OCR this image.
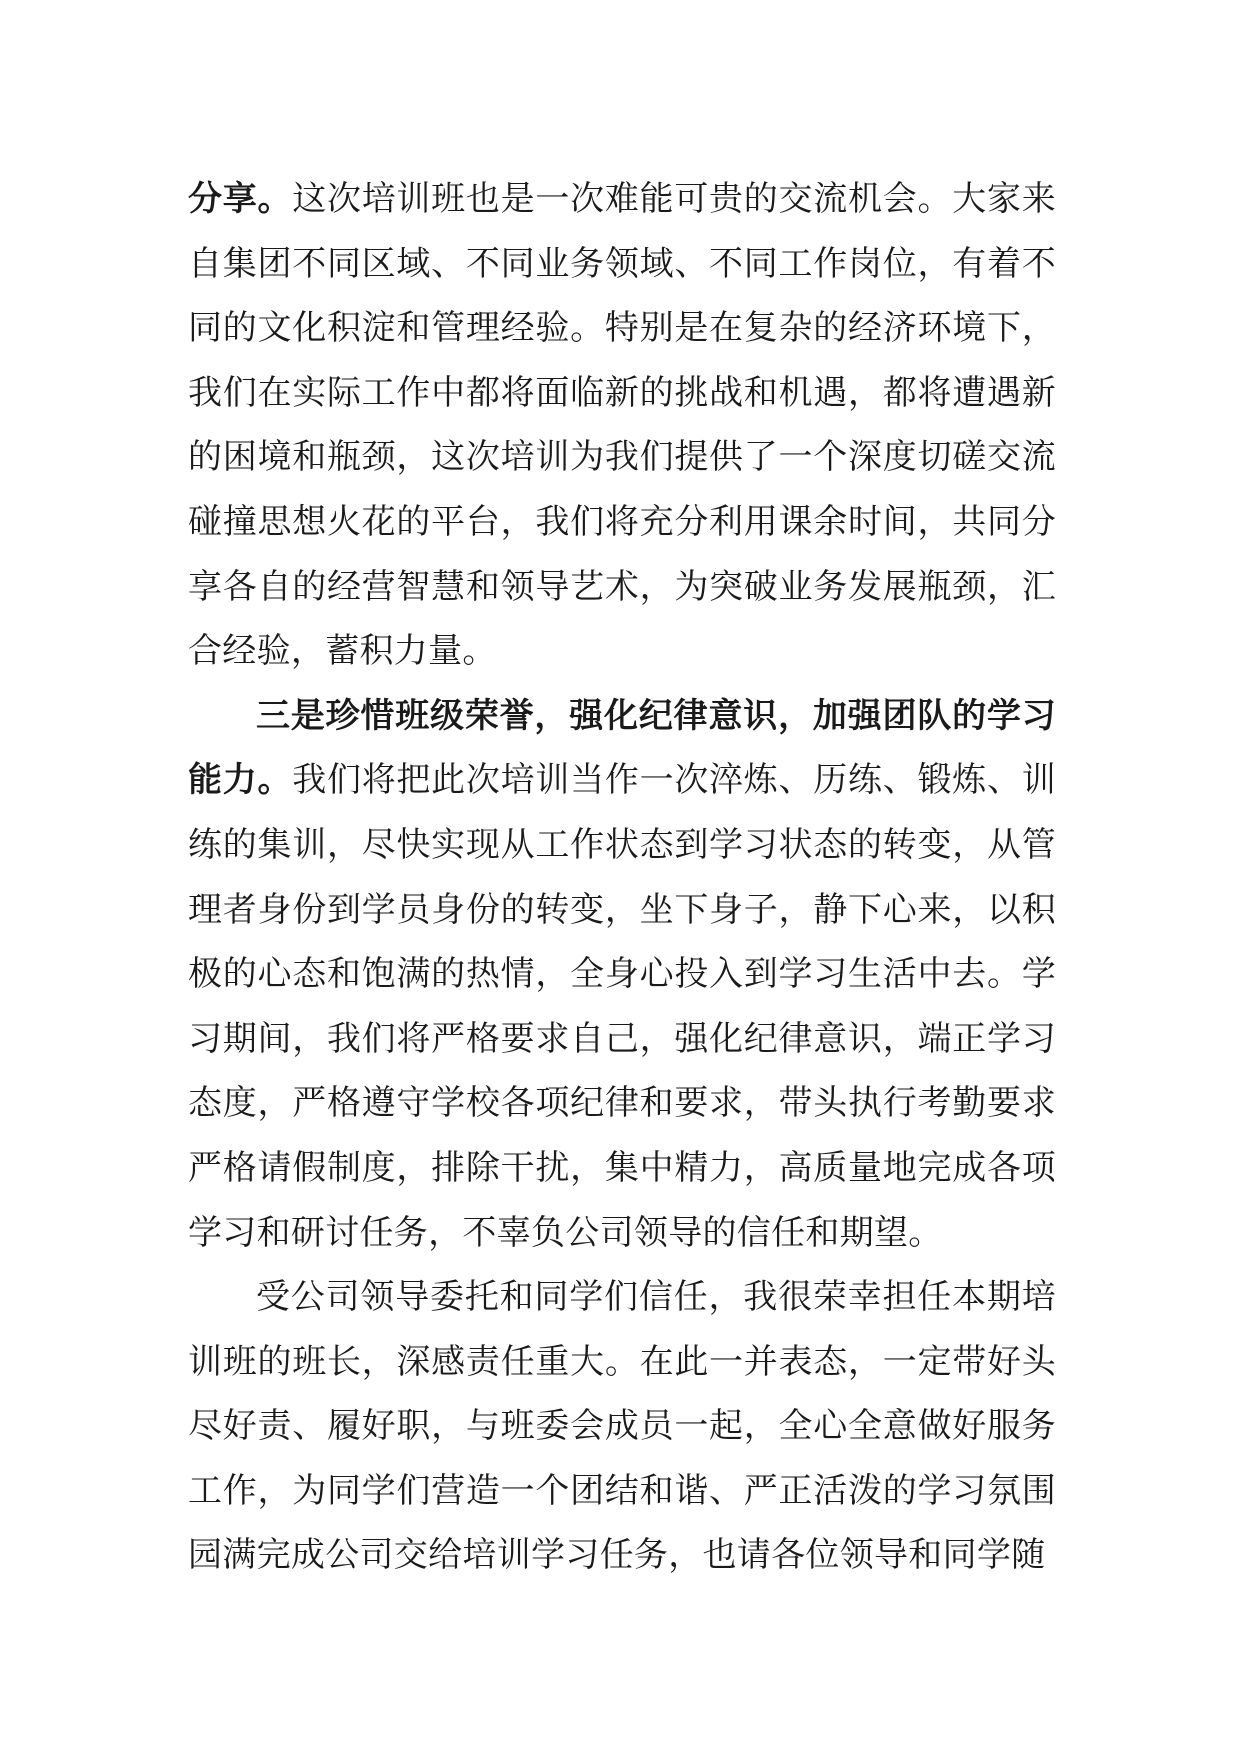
分享。这次培训班也是一次难能可贵的交流机会。大家来自集团不同区域、不同业务领域、不同工作岗位，有着不同的文化积淀和管理经验。特别是在复杂的经济环境下，我们在实际工作中都将面临新的挑战和机遇，都将遭遇新的困境和瓶颈，这次培训为我们提供了一个深度切磋交流碰撞思想火花的平台，我们将充分利用课余时间，共同分享各自的经营智慧和领导艺术，为突破业务发展瓶颈，汇合经验，蓄积力量。

三是珍惜班级荣誉，强化纪律意识，加强团队的学习能力。我们将把此次培训当作一次淬炼、历练、锻炼、训练的集训，尽快实现从工作状态到学习状态的转变，从管理者身份到学员身份的转变，坐下身子，静下心来，以积极的心态和饱满的热情，全身心投入到学习生活中去。学习期间，我们将严格要求自己，强化纪律意识，端正学习态度，严格遵守学校各项纪律和要求，带头执行考勤要求严格请假制度，排除干扰，集中精力，高质量地完成各项学习和研讨任务，不辜负公司领导的信任和期望。

受公司领导委托和同学们信任，我很荣幸担任本期培训班的班长，深感责任重大。在此一并表态，一定带好头尽好责、履好职，与班委会成员一起，全心全意做好服务工作，为同学们营造一个团结和谐、严正活泼的学习氛围园满完成公司交给培训学习任务，也请各位领导和同学随
